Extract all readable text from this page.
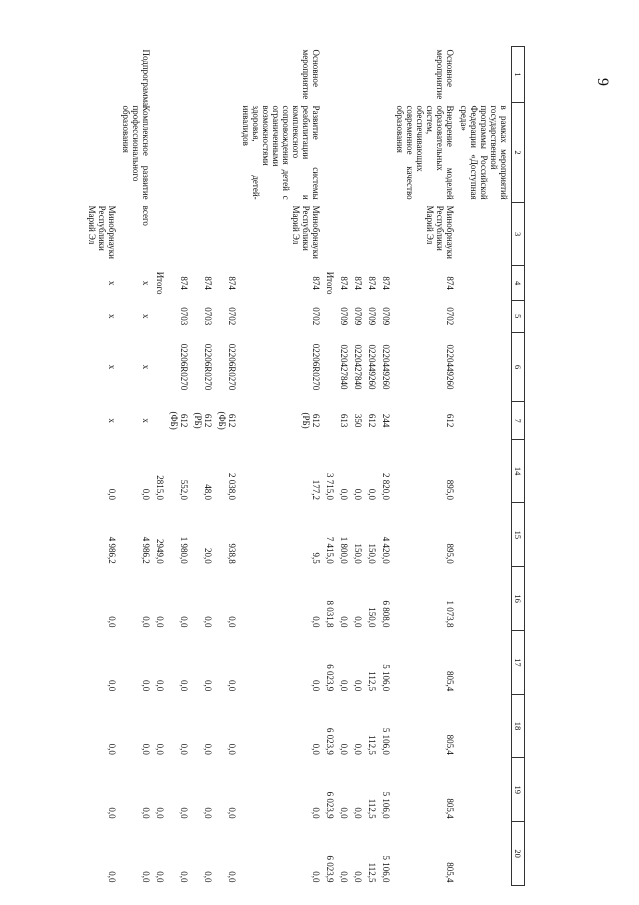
9
1	2	3	4	5	6	7	14	15	16	17	18	19	20
	в рамках мероприятий государственной программы Российской Федерации «Доступная среда»												
Основное мероприятие	Внедрение моделей образовательных систем, обеспечивающих современное качество образования	Минобрнауки Республики Марий Эл	874	0702	0220449260	612	895,0	895,0	1 073,8	805,4	805,4	805,4	805,4
			874	0709	0220449260	244	2 820,0	4 420,0	6 808,0	5 106,0	5 106,0	5 106,0	5 106,0
			874	0709	0220449260	612	0,0	150,0	150,0	112,5	112,5	112,5	112,5
			874	0709	0220427840	350	0,0	150,0	0,0	0,0	0,0	0,0	0,0
			874	0709	0220427840	613	0,0	1 800,0	0,0	0,0	0,0	0,0	0,0
			Итого				3 715,0	7 415,0	8 031,8	6 023,9	6 023,9	6 023,9	6 023,9
Основное мероприятие	Развитие системы реабилитации и комплексного сопровождения детей с ограниченными возможностями здоровья, детей-инвалидов	Минобрнауки Республики Марий Эл	874	0702	02206R0270	612 (РБ)	177,2	9,5	0,0	0,0	0,0	0,0	0,0
			874	0702	02206R0270	612 (ФБ)	2 038,0	938,8	0,0	0,0	0,0	0,0	0,0
			874	0703	02206R0270	612 (РБ)	48,0	20,0	0,0	0,0	0,0	0,0	0,0
			874	0703	02206R0270	612 (ФБ)	552,0	1 980,0	0,0	0,0	0,0	0,0	0,0
			Итого				2815,0	2949,0	0,0	0,0	0,0	0,0	0,0
Подпрограмма	Комплексное развитие профессионального образования	всего	х	х	х	х	0,0	4 986,2	0,0	0,0	0,0	0,0	0,0
		Минобрнауки Республики Марий Эл	х	х	х	х	0,0	4 986,2	0,0	0,0	0,0	0,0	0,0
